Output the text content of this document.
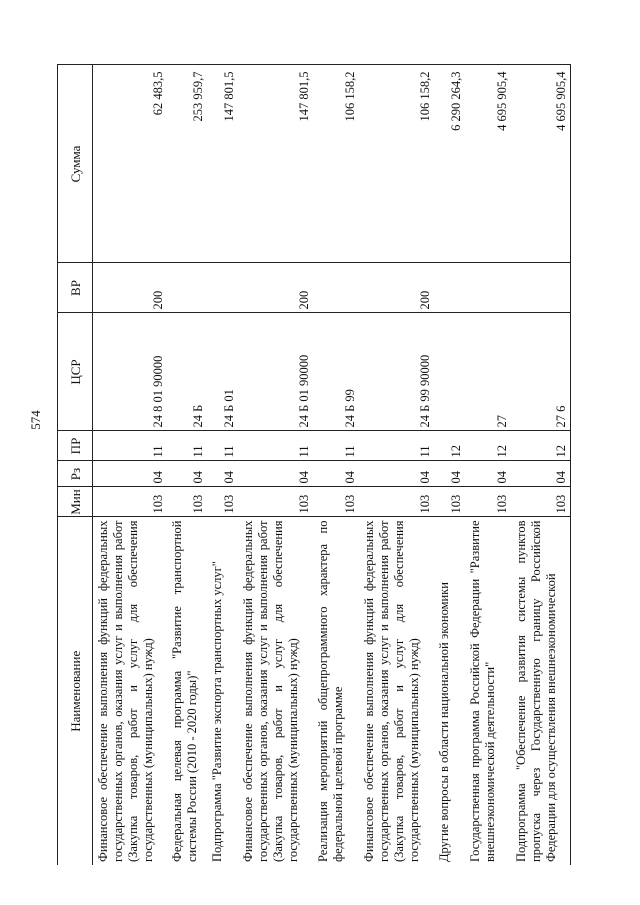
574
Наименование	Мин	Рз	ПР	ЦСР	ВР	Сумма

Финансовое обеспечение выполнения функций федеральных государственных органов, оказания услуг и выполнения работ (Закупка товаров, работ и услуг для обеспечения государственных (муниципальных) нужд)	103	04	11	24 8 01 90000	200	62 483,5

Федеральная целевая программа "Развитие транспортной системы России (2010 - 2020 годы)"	103	04	11	24 Б		253 959,7

Подпрограмма "Развитие экспорта транспортных услуг"	103	04	11	24 Б 01		147 801,5

Финансовое обеспечение выполнения функций федеральных государственных органов, оказания услуг и выполнения работ (Закупка товаров, работ и услуг для обеспечения государственных (муниципальных) нужд)	103	04	11	24 Б 01 90000	200	147 801,5

Реализация мероприятий общепрограммного характера по федеральной целевой программе	103	04	11	24 Б 99		106 158,2

Финансовое обеспечение выполнения функций федеральных государственных органов, оказания услуг и выполнения работ (Закупка товаров, работ и услуг для обеспечения государственных (муниципальных) нужд)	103	04	11	24 Б 99 90000	200	106 158,2

Другие вопросы в области национальной экономики	103	04	12			6 290 264,3

Государственная программа Российской Федерации "Развитие внешнеэкономической деятельности"	103	04	12	27		4 695 905,4

Подпрограмма "Обеспечение развития системы пунктов пропуска через Государственную границу Российской Федерации для осуществления внешнеэкономической	103	04	12	27 6		4 695 905,4
